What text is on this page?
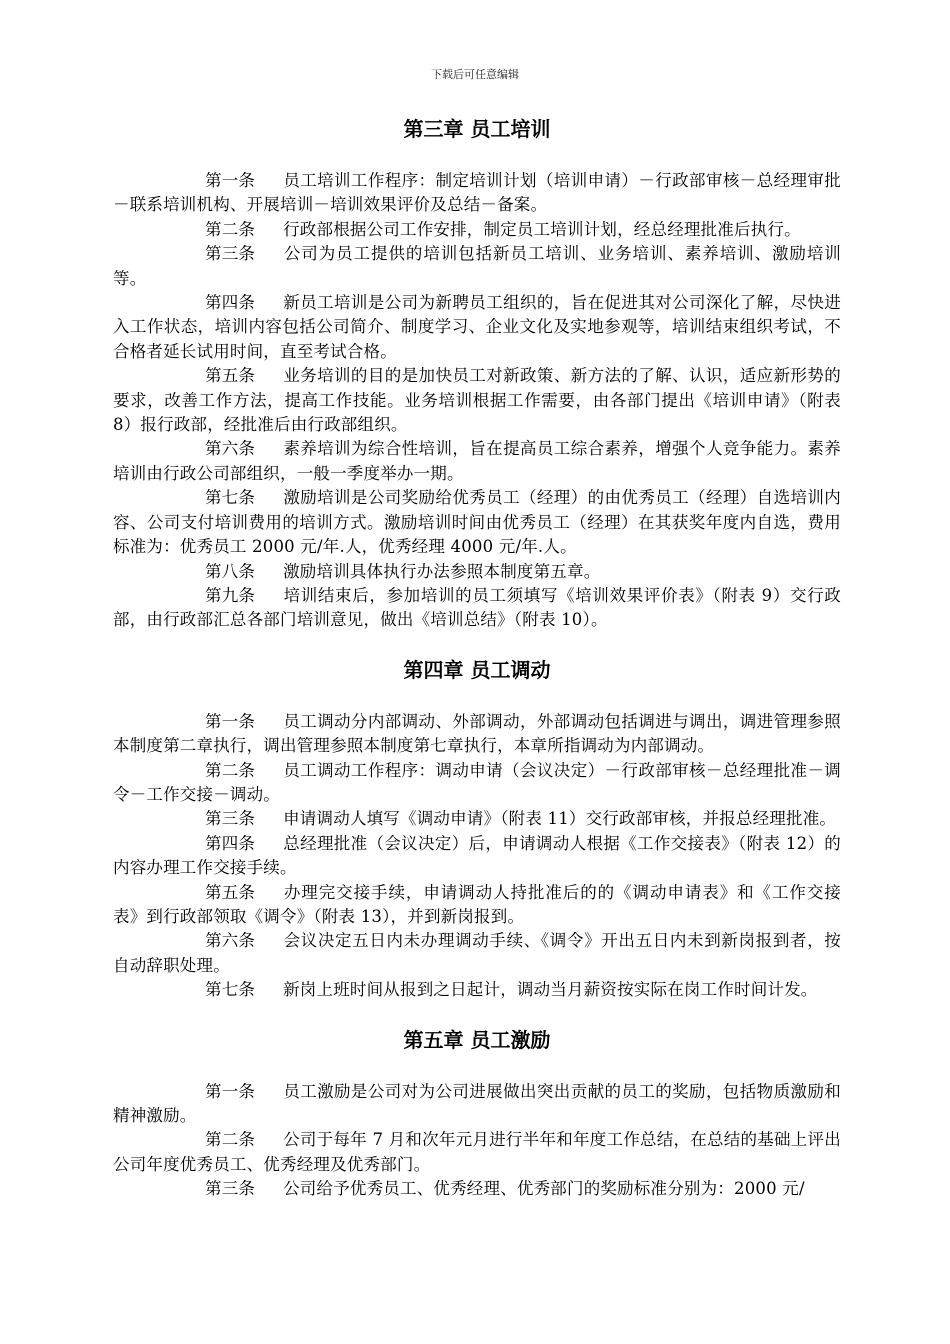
下载后可任意编辑
第三章 员工培训

第一条 员工培训工作程序：制定培训计划（培训申请）－行政部审核－总经理审批－联系培训机构、开展培训－培训效果评价及总结－备案。

第二条 行政部根据公司工作安排，制定员工培训计划，经总经理批准后执行。

第三条 公司为员工提供的培训包括新员工培训、业务培训、素养培训、激励培训等。

第四条 新员工培训是公司为新聘员工组织的，旨在促进其对公司深化了解，尽快进入工作状态，培训内容包括公司简介、制度学习、企业文化及实地参观等，培训结束组织考试，不合格者延长试用时间，直至考试合格。

第五条 业务培训的目的是加快员工对新政策、新方法的了解、认识，适应新形势的要求，改善工作方法，提高工作技能。业务培训根据工作需要，由各部门提出《培训申请》（附表 8）报行政部，经批准后由行政部组织。

第六条 素养培训为综合性培训，旨在提高员工综合素养，增强个人竞争能力。素养培训由行政公司部组织，一般一季度举办一期。

第七条 激励培训是公司奖励给优秀员工（经理）的由优秀员工（经理）自选培训内容、公司支付培训费用的培训方式。激励培训时间由优秀员工（经理）在其获奖年度内自选，费用标准为：优秀员工 2000 元/年.人，优秀经理 4000 元/年.人。

第八条 激励培训具体执行办法参照本制度第五章。

第九条 培训结束后，参加培训的员工须填写《培训效果评价表》（附表 9）交行政部，由行政部汇总各部门培训意见，做出《培训总结》（附表 10）。

第四章 员工调动

第一条 员工调动分内部调动、外部调动，外部调动包括调进与调出，调进管理参照本制度第二章执行，调出管理参照本制度第七章执行，本章所指调动为内部调动。

第二条 员工调动工作程序：调动申请（会议决定）－行政部审核－总经理批准－调令－工作交接－调动。

第三条 申请调动人填写《调动申请》（附表 11）交行政部审核，并报总经理批准。

第四条 总经理批准（会议决定）后，申请调动人根据《工作交接表》（附表 12）的内容办理工作交接手续。

第五条 办理完交接手续，申请调动人持批准后的的《调动申请表》和《工作交接表》到行政部领取《调令》（附表 13），并到新岗报到。

第六条 会议决定五日内未办理调动手续、《调令》开出五日内未到新岗报到者，按自动辞职处理。

第七条 新岗上班时间从报到之日起计，调动当月薪资按实际在岗工作时间计发。

第五章 员工激励

第一条 员工激励是公司对为公司进展做出突出贡献的员工的奖励，包括物质激励和精神激励。

第二条 公司于每年 7 月和次年元月进行半年和年度工作总结，在总结的基础上评出公司年度优秀员工、优秀经理及优秀部门。

第三条 公司给予优秀员工、优秀经理、优秀部门的奖励标准分别为：2000 元/
